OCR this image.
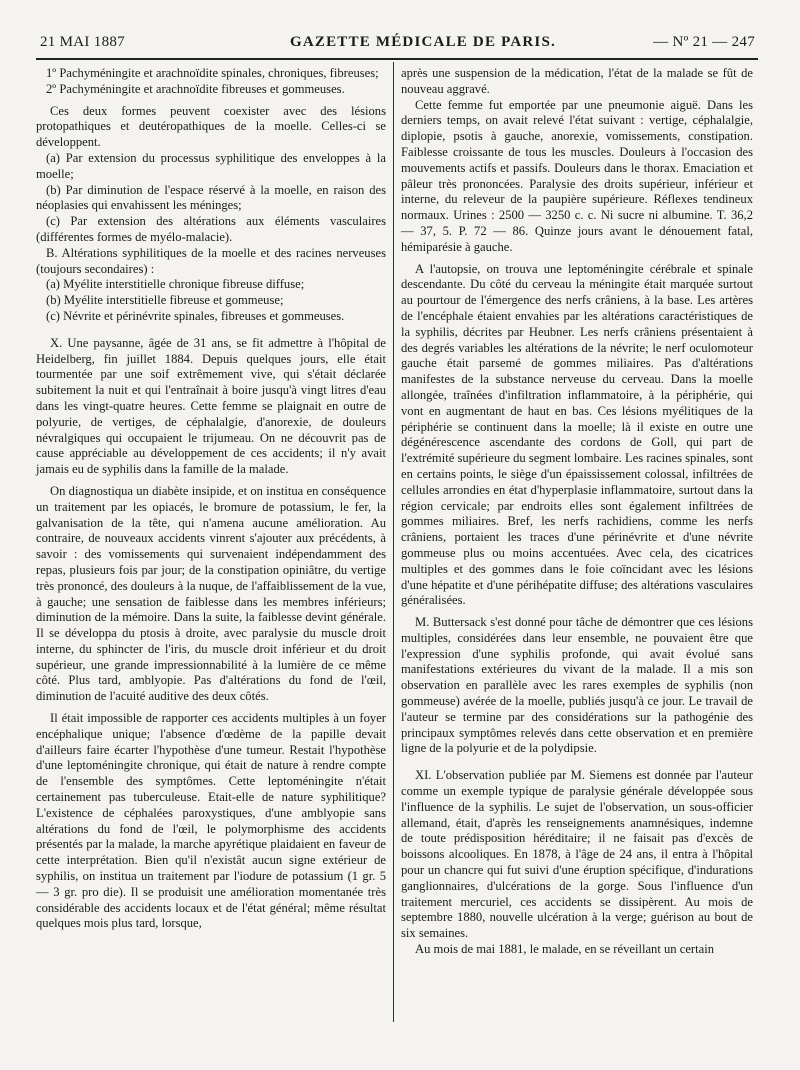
21 MAI 1887	GAZETTE MÉDICALE DE PARIS.	— Nº 21 — 247

1º Pachyméningite et arachnoïdite spinales, chroniques, fibreuses;

2º Pachyméningite et arachnoïdite fibreuses et gommeuses.

Ces deux formes peuvent coexister avec des lésions protopathiques et deutéropathiques de la moelle. Celles-ci se développent.

(a) Par extension du processus syphilitique des enveloppes à la moelle;

(b) Par diminution de l'espace réservé à la moelle, en raison des néoplasies qui envahissent les méninges;

(c) Par extension des altérations aux éléments vasculaires (différentes formes de myélo-malacie).

B. Altérations syphilitiques de la moelle et des racines nerveuses (toujours secondaires) :

(a) Myélite interstitielle chronique fibreuse diffuse;

(b) Myélite interstitielle fibreuse et gommeuse;

(c) Névrite et périnévrite spinales, fibreuses et gommeuses.

X. Une paysanne, âgée de 31 ans, se fit admettre à l'hôpital de Heidelberg, fin juillet 1884. Depuis quelques jours, elle était tourmentée par une soif extrêmement vive, qui s'était déclarée subitement la nuit et qui l'entraînait à boire jusqu'à vingt litres d'eau dans les vingt-quatre heures. Cette femme se plaignait en outre de polyurie, de vertiges, de céphalalgie, d'anorexie, de douleurs névralgiques qui occupaient le trijumeau. On ne découvrit pas de cause appréciable au développement de ces accidents; il n'y avait jamais eu de syphilis dans la famille de la malade.

On diagnostiqua un diabète insipide, et on institua en conséquence un traitement par les opiacés, le bromure de potassium, le fer, la galvanisation de la tête, qui n'amena aucune amélioration. Au contraire, de nouveaux accidents vinrent s'ajouter aux précédents, à savoir : des vomissements qui survenaient indépendamment des repas, plusieurs fois par jour; de la constipation opiniâtre, du vertige très prononcé, des douleurs à la nuque, de l'affaiblissement de la vue, à gauche; une sensation de faiblesse dans les membres inférieurs; diminution de la mémoire. Dans la suite, la faiblesse devint générale. Il se développa du ptosis à droite, avec paralysie du muscle droit interne, du sphincter de l'iris, du muscle droit inférieur et du droit supérieur, une grande impressionnabilité à la lumière de ce même côté. Plus tard, amblyopie. Pas d'altérations du fond de l'œil, diminution de l'acuité auditive des deux côtés.

Il était impossible de rapporter ces accidents multiples à un foyer encéphalique unique; l'absence d'œdème de la papille devait d'ailleurs faire écarter l'hypothèse d'une tumeur. Restait l'hypothèse d'une leptoméningite chronique, qui était de nature à rendre compte de l'ensemble des symptômes. Cette leptoméningite n'était certainement pas tuberculeuse. Etait-elle de nature syphilitique? L'existence de céphalées paroxystiques, d'une amblyopie sans altérations du fond de l'œil, le polymorphisme des accidents présentés par la malade, la marche apyrétique plaidaient en faveur de cette interprétation. Bien qu'il n'existât aucun signe extérieur de syphilis, on institua un traitement par l'iodure de potassium (1 gr. 5 — 3 gr. pro die). Il se produisit une amélioration momentanée très considérable des accidents locaux et de l'état général; même résultat quelques mois plus tard, lorsque,

après une suspension de la médication, l'état de la malade se fût de nouveau aggravé.

Cette femme fut emportée par une pneumonie aiguë. Dans les derniers temps, on avait relevé l'état suivant : vertige, céphalalgie, diplopie, psotis à gauche, anorexie, vomissements, constipation. Faiblesse croissante de tous les muscles. Douleurs à l'occasion des mouvements actifs et passifs. Douleurs dans le thorax. Emaciation et pâleur très prononcées. Paralysie des droits supérieur, inférieur et interne, du releveur de la paupière supérieure. Réflexes tendineux normaux. Urines : 2500 — 3250 c. c. Ni sucre ni albumine. T. 36,2 — 37, 5. P. 72 — 86. Quinze jours avant le dénouement fatal, hémiparésie à gauche.

A l'autopsie, on trouva une leptoméningite cérébrale et spinale descendante. Du côté du cerveau la méningite était marquée surtout au pourtour de l'émergence des nerfs crâniens, à la base. Les artères de l'encéphale étaient envahies par les altérations caractéristiques de la syphilis, décrites par Heubner. Les nerfs crâniens présentaient à des degrés variables les altérations de la névrite; le nerf oculomoteur gauche était parsemé de gommes miliaires. Pas d'altérations manifestes de la substance nerveuse du cerveau. Dans la moelle allongée, traînées d'infiltration inflammatoire, à la périphérie, qui vont en augmentant de haut en bas. Ces lésions myélitiques de la périphérie se continuent dans la moelle; là il existe en outre une dégénérescence ascendante des cordons de Goll, qui part de l'extrémité supérieure du segment lombaire. Les racines spinales, sont en certains points, le siège d'un épaississement colossal, infiltrées de cellules arrondies en état d'hyperplasie inflammatoire, surtout dans la région cervicale; par endroits elles sont également infiltrées de gommes miliaires. Bref, les nerfs rachidiens, comme les nerfs crâniens, portaient les traces d'une périnévrite et d'une névrite gommeuse plus ou moins accentuées. Avec cela, des cicatrices multiples et des gommes dans le foie coïncidant avec les lésions d'une hépatite et d'une périhépatite diffuse; des altérations vasculaires généralisées.

M. Buttersack s'est donné pour tâche de démontrer que ces lésions multiples, considérées dans leur ensemble, ne pouvaient être que l'expression d'une syphilis profonde, qui avait évolué sans manifestations extérieures du vivant de la malade. Il a mis son observation en parallèle avec les rares exemples de syphilis (non gommeuse) avérée de la moelle, publiés jusqu'à ce jour. Le travail de l'auteur se termine par des considérations sur la pathogénie des principaux symptômes relevés dans cette observation et en première ligne de la polyurie et de la polydipsie.

XI. L'observation publiée par M. Siemens est donnée par l'auteur comme un exemple typique de paralysie générale développée sous l'influence de la syphilis. Le sujet de l'observation, un sous-officier allemand, était, d'après les renseignements anamnésiques, indemne de toute prédisposition héréditaire; il ne faisait pas d'excès de boissons alcooliques. En 1878, à l'âge de 24 ans, il entra à l'hôpital pour un chancre qui fut suivi d'une éruption spécifique, d'indurations ganglionnaires, d'ulcérations de la gorge. Sous l'influence d'un traitement mercuriel, ces accidents se dissipèrent. Au mois de septembre 1880, nouvelle ulcération à la verge; guérison au bout de six semaines.

Au mois de mai 1881, le malade, en se réveillant un certain
